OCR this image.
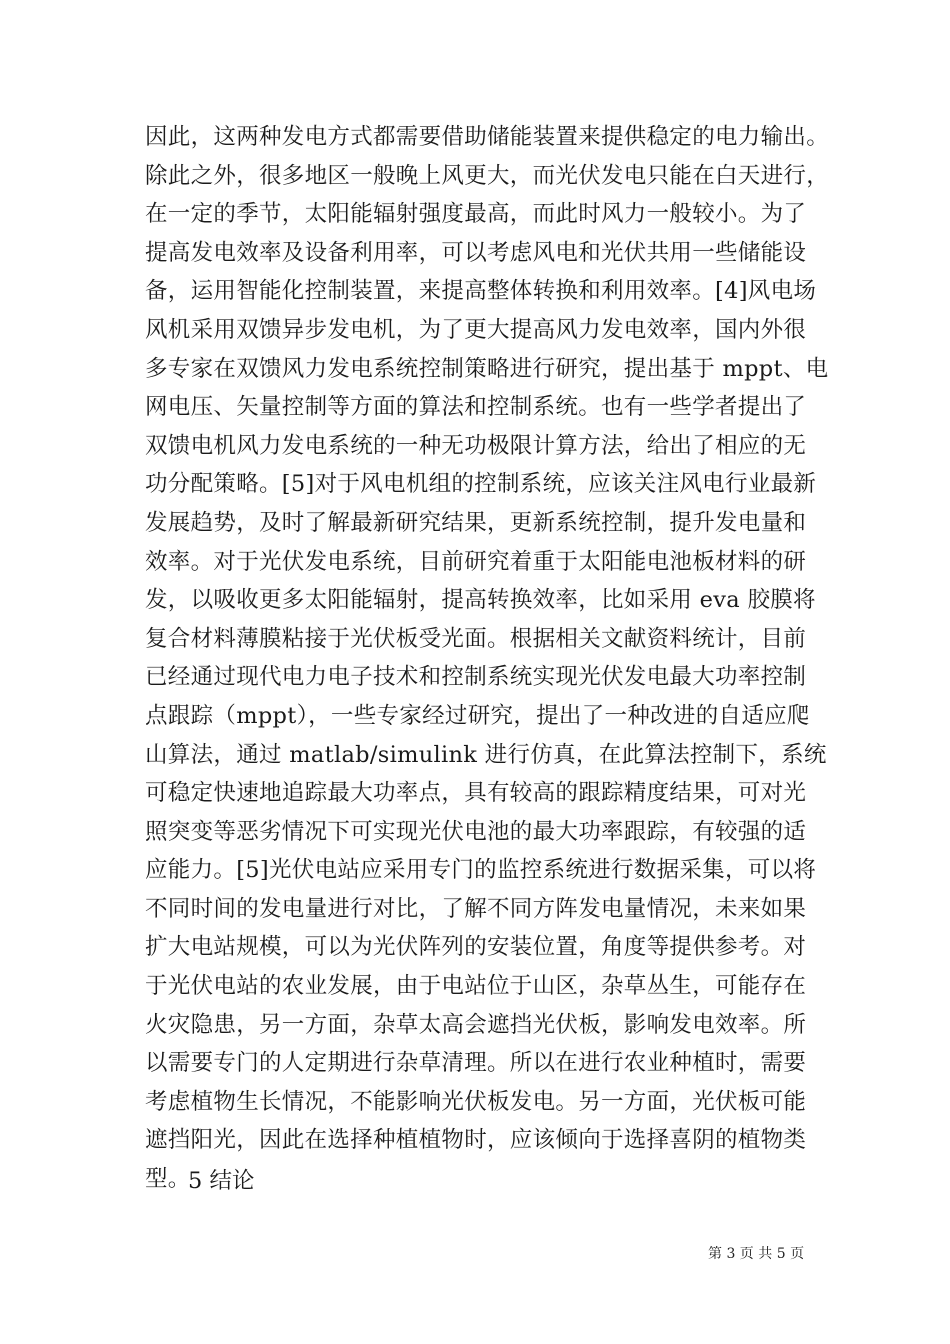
因此，这两种发电方式都需要借助储能装置来提供稳定的电力输出。
除此之外，很多地区一般晚上风更大，而光伏发电只能在白天进行，
在一定的季节，太阳能辐射强度最高，而此时风力一般较小。为了
提高发电效率及设备利用率，可以考虑风电和光伏共用一些储能设
备，运用智能化控制装置，来提高整体转换和利用效率。[4]风电场
风机采用双馈异步发电机，为了更大提高风力发电效率，国内外很
多专家在双馈风力发电系统控制策略进行研究，提出基于 mppt、电
网电压、矢量控制等方面的算法和控制系统。也有一些学者提出了
双馈电机风力发电系统的一种无功极限计算方法，给出了相应的无
功分配策略。[5]对于风电机组的控制系统，应该关注风电行业最新
发展趋势，及时了解最新研究结果，更新系统控制，提升发电量和
效率。对于光伏发电系统，目前研究着重于太阳能电池板材料的研
发，以吸收更多太阳能辐射，提高转换效率，比如采用 eva 胶膜将
复合材料薄膜粘接于光伏板受光面。根据相关文献资料统计，目前
已经通过现代电力电子技术和控制系统实现光伏发电最大功率控制
点跟踪（mppt），一些专家经过研究，提出了一种改进的自适应爬
山算法，通过 matlab/simulink 进行仿真，在此算法控制下，系统
可稳定快速地追踪最大功率点，具有较高的跟踪精度结果，可对光
照突变等恶劣情况下可实现光伏电池的最大功率跟踪，有较强的适
应能力。[5]光伏电站应采用专门的监控系统进行数据采集，可以将
不同时间的发电量进行对比，了解不同方阵发电量情况，未来如果
扩大电站规模，可以为光伏阵列的安装位置，角度等提供参考。对
于光伏电站的农业发展，由于电站位于山区，杂草丛生，可能存在
火灾隐患，另一方面，杂草太高会遮挡光伏板，影响发电效率。所
以需要专门的人定期进行杂草清理。所以在进行农业种植时，需要
考虑植物生长情况，不能影响光伏板发电。另一方面，光伏板可能
遮挡阳光，因此在选择种植植物时，应该倾向于选择喜阴的植物类
型。
5 结论
第 3 页 共 5 页
